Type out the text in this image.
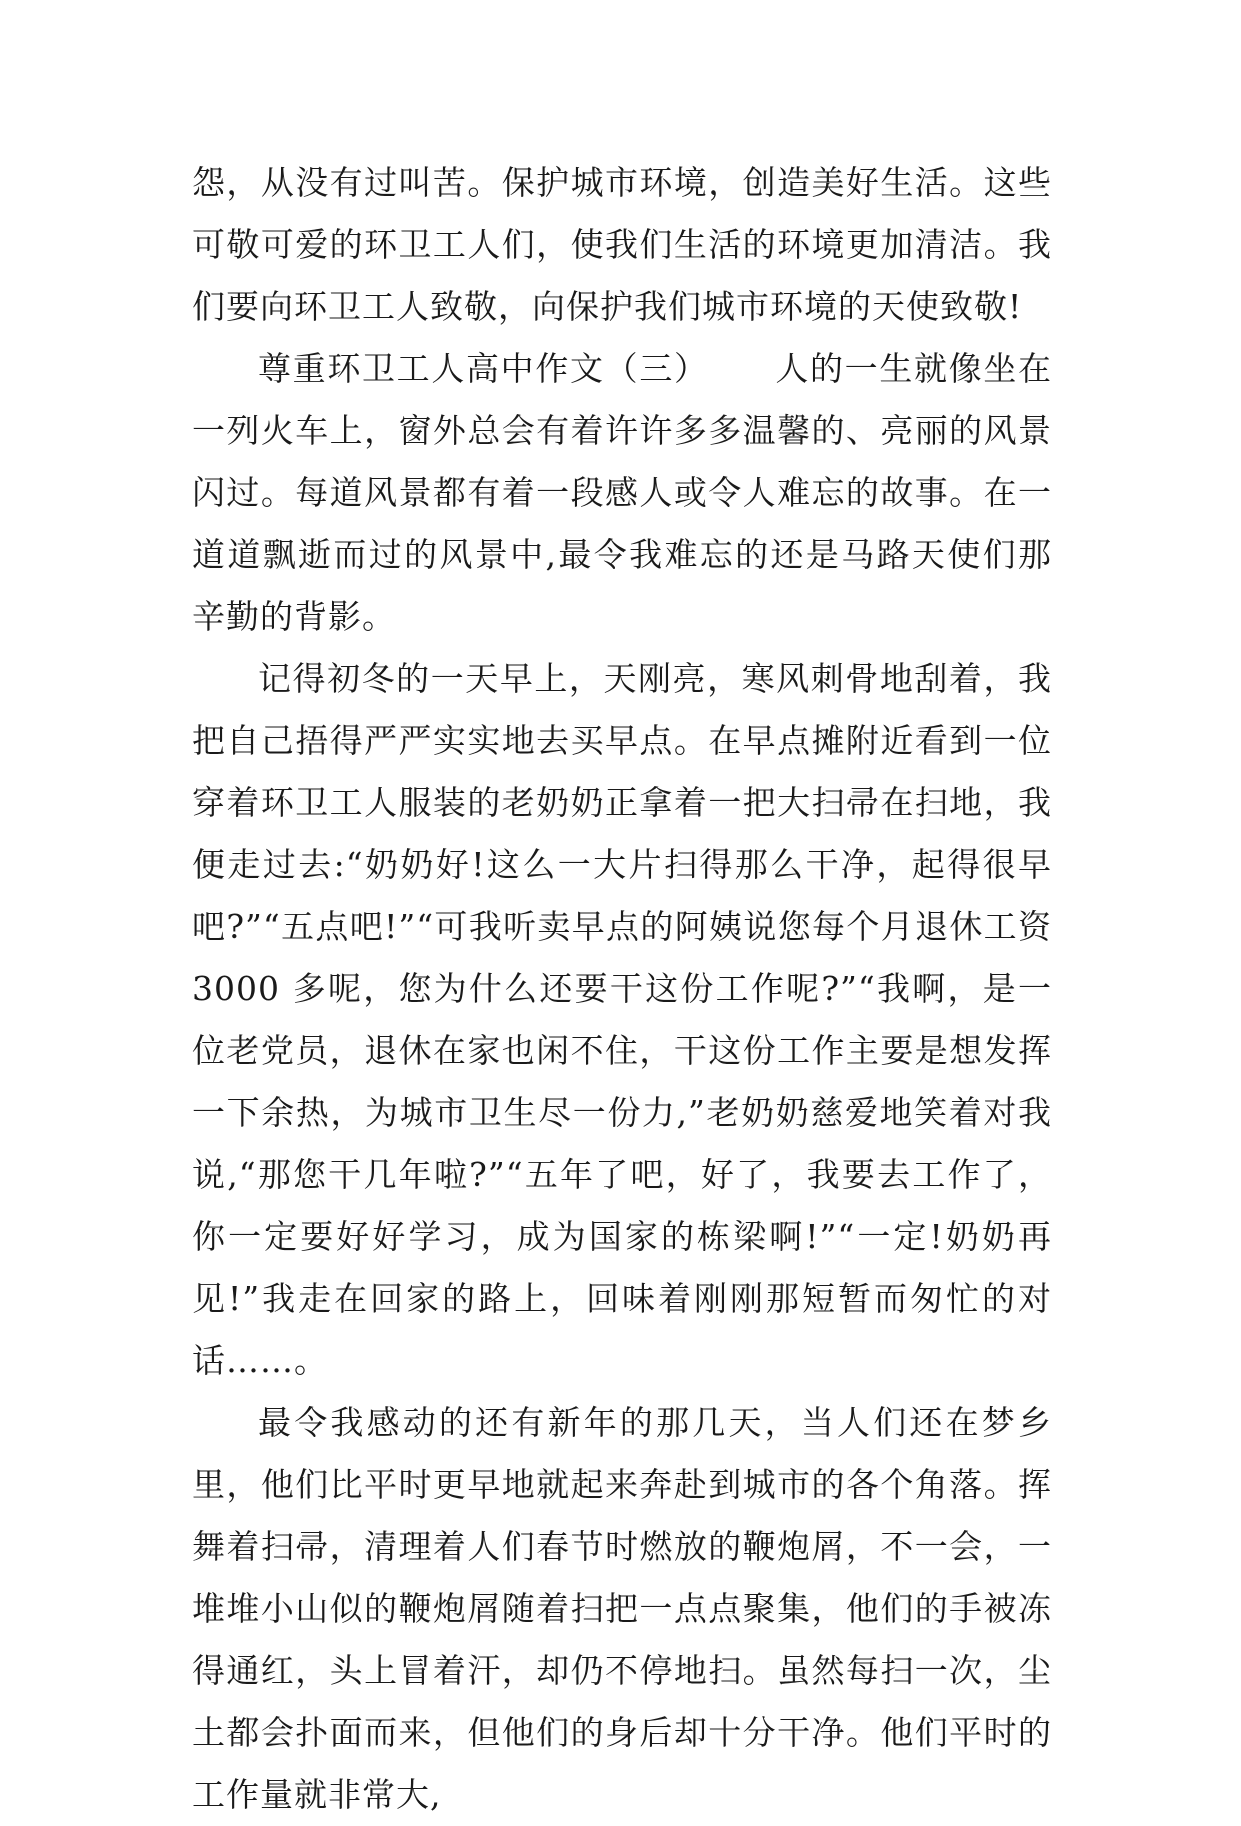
怨，从没有过叫苦。保护城市环境，创造美好生活。这些可敬可爱的环卫工人们，使我们生活的环境更加清洁。我们要向环卫工人致敬，向保护我们城市环境的天使致敬!

尊重环卫工人高中作文（三） 人的一生就像坐在一列火车上，窗外总会有着许许多多温馨的、亮丽的风景闪过。每道风景都有着一段感人或令人难忘的故事。在一道道飘逝而过的风景中,最令我难忘的还是马路天使们那辛勤的背影。

记得初冬的一天早上，天刚亮，寒风刺骨地刮着，我把自己捂得严严实实地去买早点。在早点摊附近看到一位穿着环卫工人服装的老奶奶正拿着一把大扫帚在扫地，我便走过去:“奶奶好!这么一大片扫得那么干净，起得很早吧?”“五点吧!”“可我听卖早点的阿姨说您每个月退休工资 3000 多呢，您为什么还要干这份工作呢?”“我啊，是一位老党员，退休在家也闲不住，干这份工作主要是想发挥一下余热，为城市卫生尽一份力,”老奶奶慈爱地笑着对我说,“那您干几年啦?”“五年了吧，好了，我要去工作了，你一定要好好学习，成为国家的栋梁啊!”“一定!奶奶再见!”我走在回家的路上，回味着刚刚那短暂而匆忙的对话……。

最令我感动的还有新年的那几天，当人们还在梦乡里，他们比平时更早地就起来奔赴到城市的各个角落。挥舞着扫帚，清理着人们春节时燃放的鞭炮屑，不一会，一堆堆小山似的鞭炮屑随着扫把一点点聚集，他们的手被冻得通红，头上冒着汗，却仍不停地扫。虽然每扫一次，尘土都会扑面而来，但他们的身后却十分干净。他们平时的工作量就非常大,
